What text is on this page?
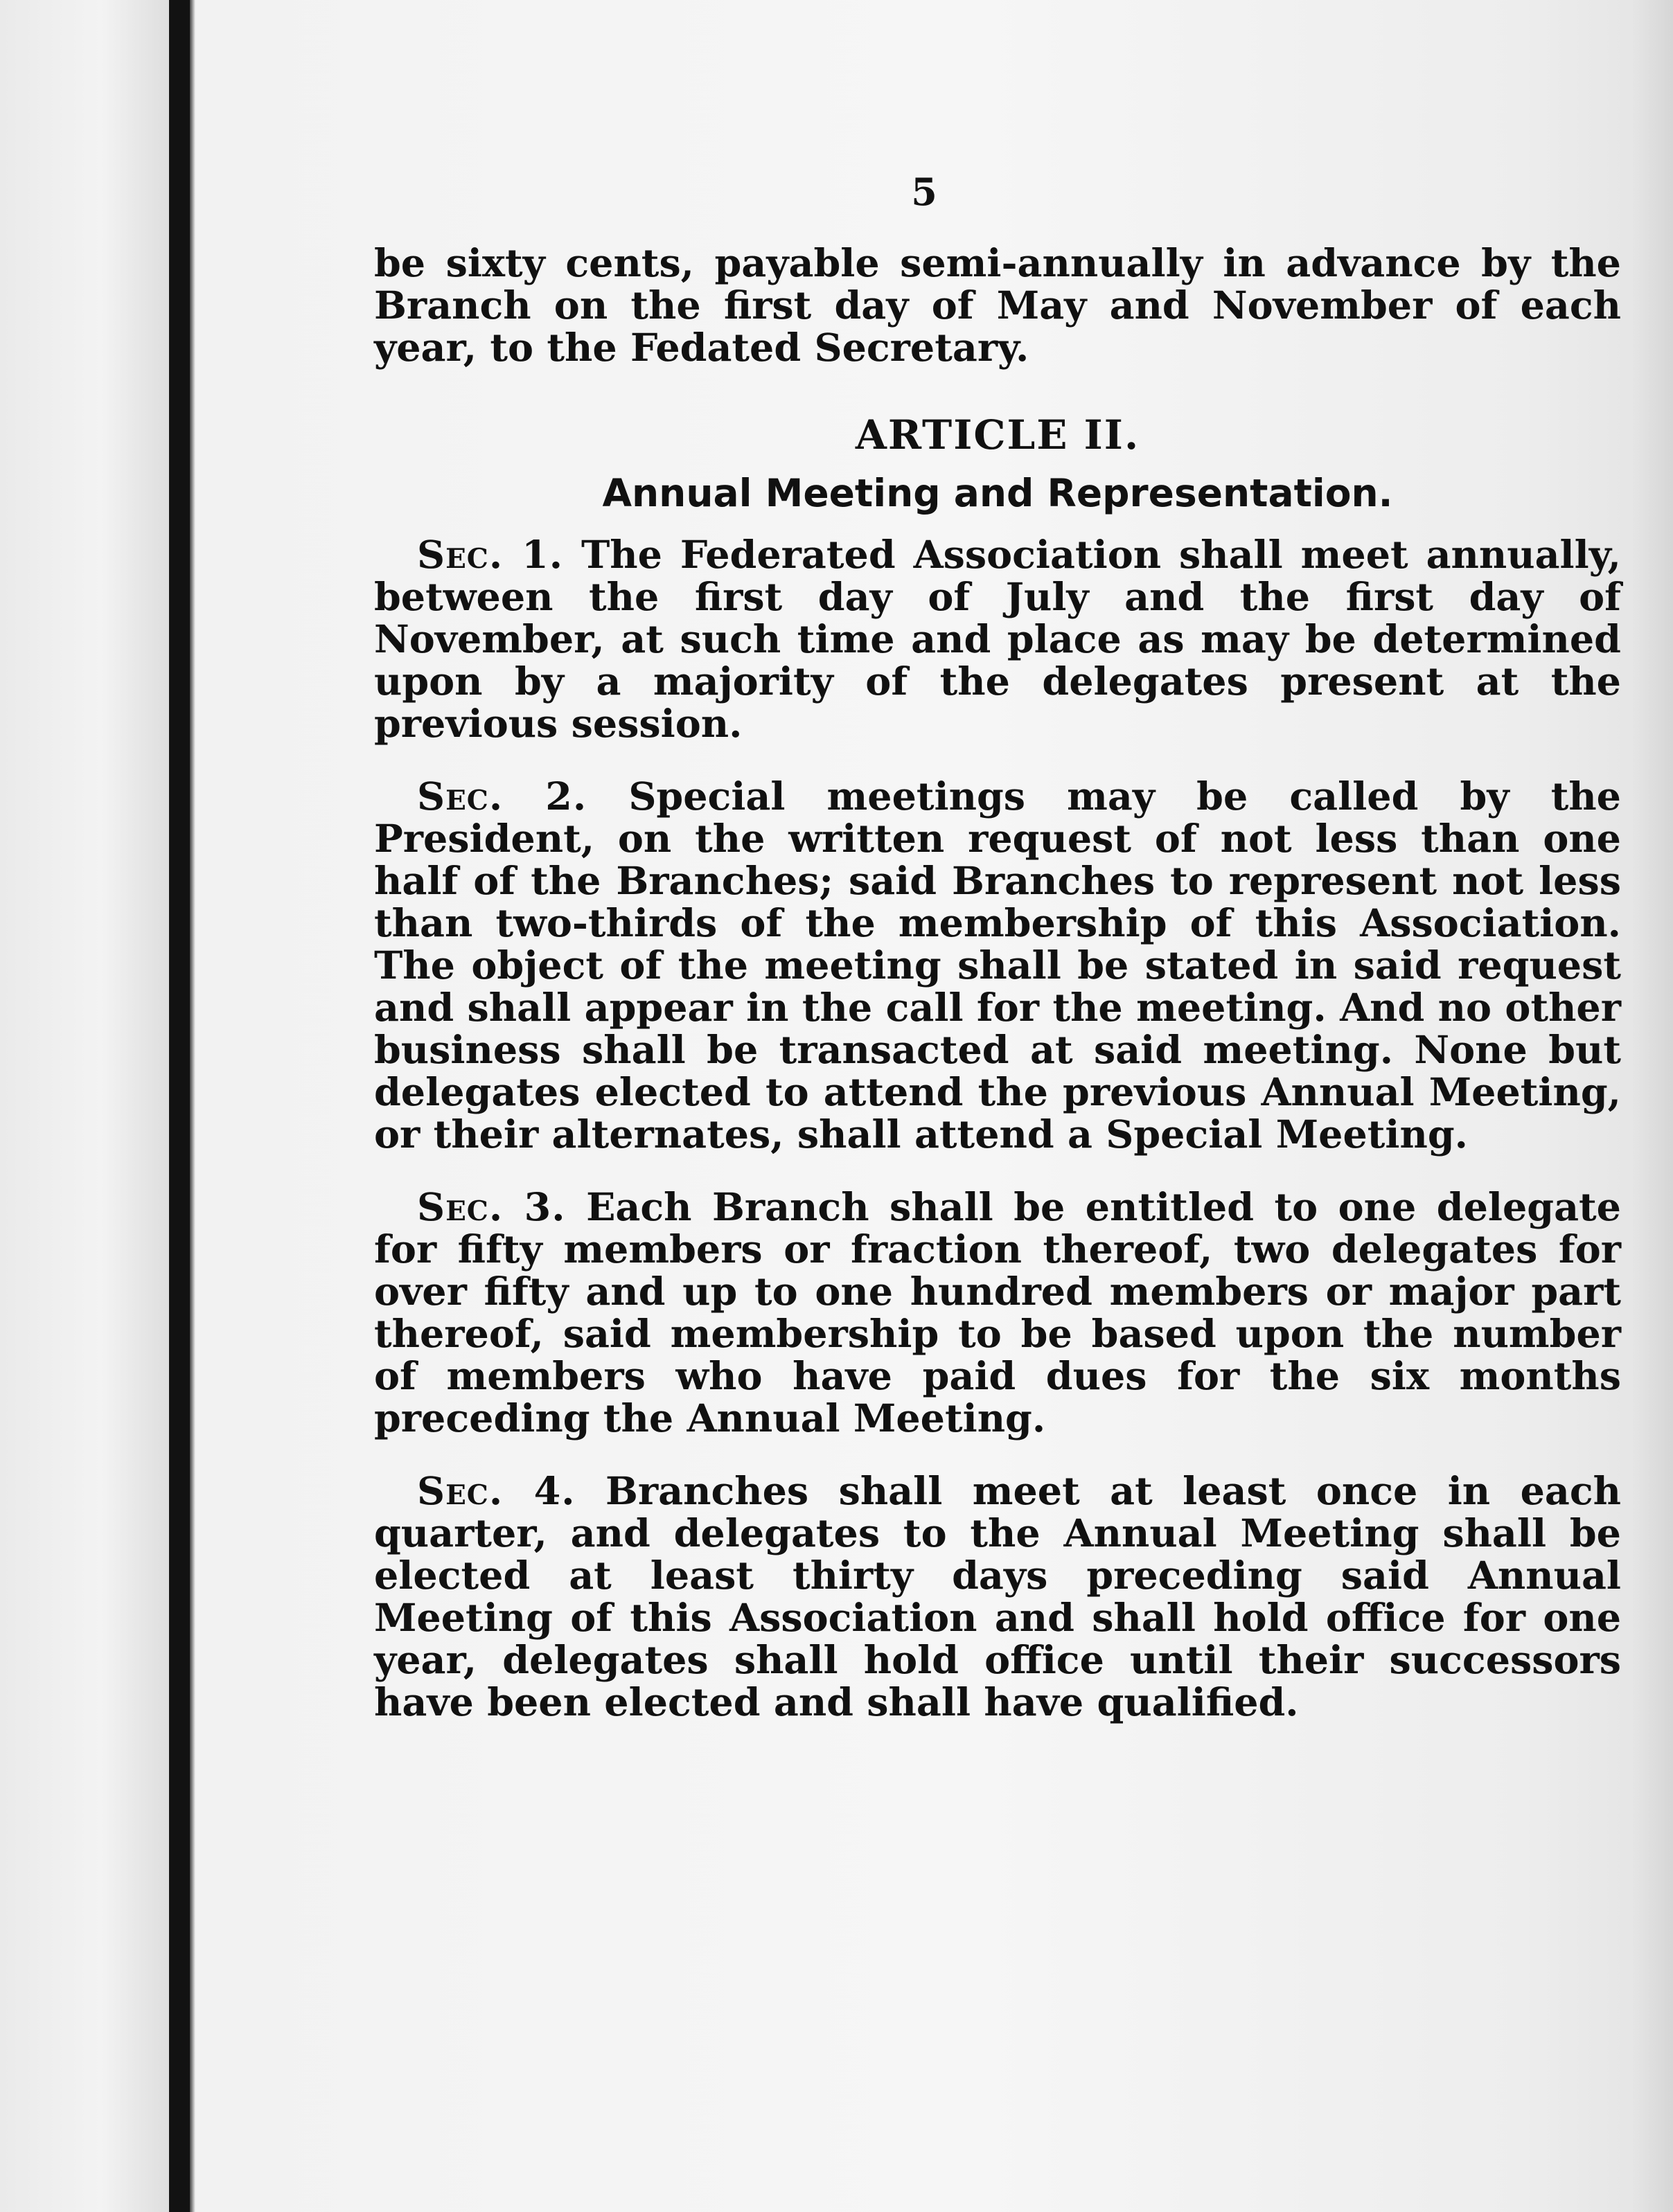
5

be sixty cents, payable semi-annually in advance by the Branch on the first day of May and November of each year, to the Fedated Secretary.

ARTICLE II.
Annual Meeting and Representation.

Sec. 1. The Federated Association shall meet annually, between the first day of July and the first day of November, at such time and place as may be determined upon by a majority of the delegates present at the previous session.

Sec. 2. Special meetings may be called by the President, on the written request of not less than one half of the Branches; said Branches to represent not less than two-thirds of the membership of this Association. The object of the meeting shall be stated in said request and shall appear in the call for the meeting. And no other business shall be transacted at said meeting. None but delegates elected to attend the previous Annual Meeting, or their alternates, shall attend a Special Meeting.

Sec. 3. Each Branch shall be entitled to one delegate for fifty members or fraction thereof, two delegates for over fifty and up to one hundred members or major part thereof, said membership to be based upon the number of members who have paid dues for the six months preceding the Annual Meeting.

Sec. 4. Branches shall meet at least once in each quarter, and delegates to the Annual Meeting shall be elected at least thirty days preceding said Annual Meeting of this Association and shall hold office for one year, delegates shall hold office until their successors have been elected and shall have qualified.
